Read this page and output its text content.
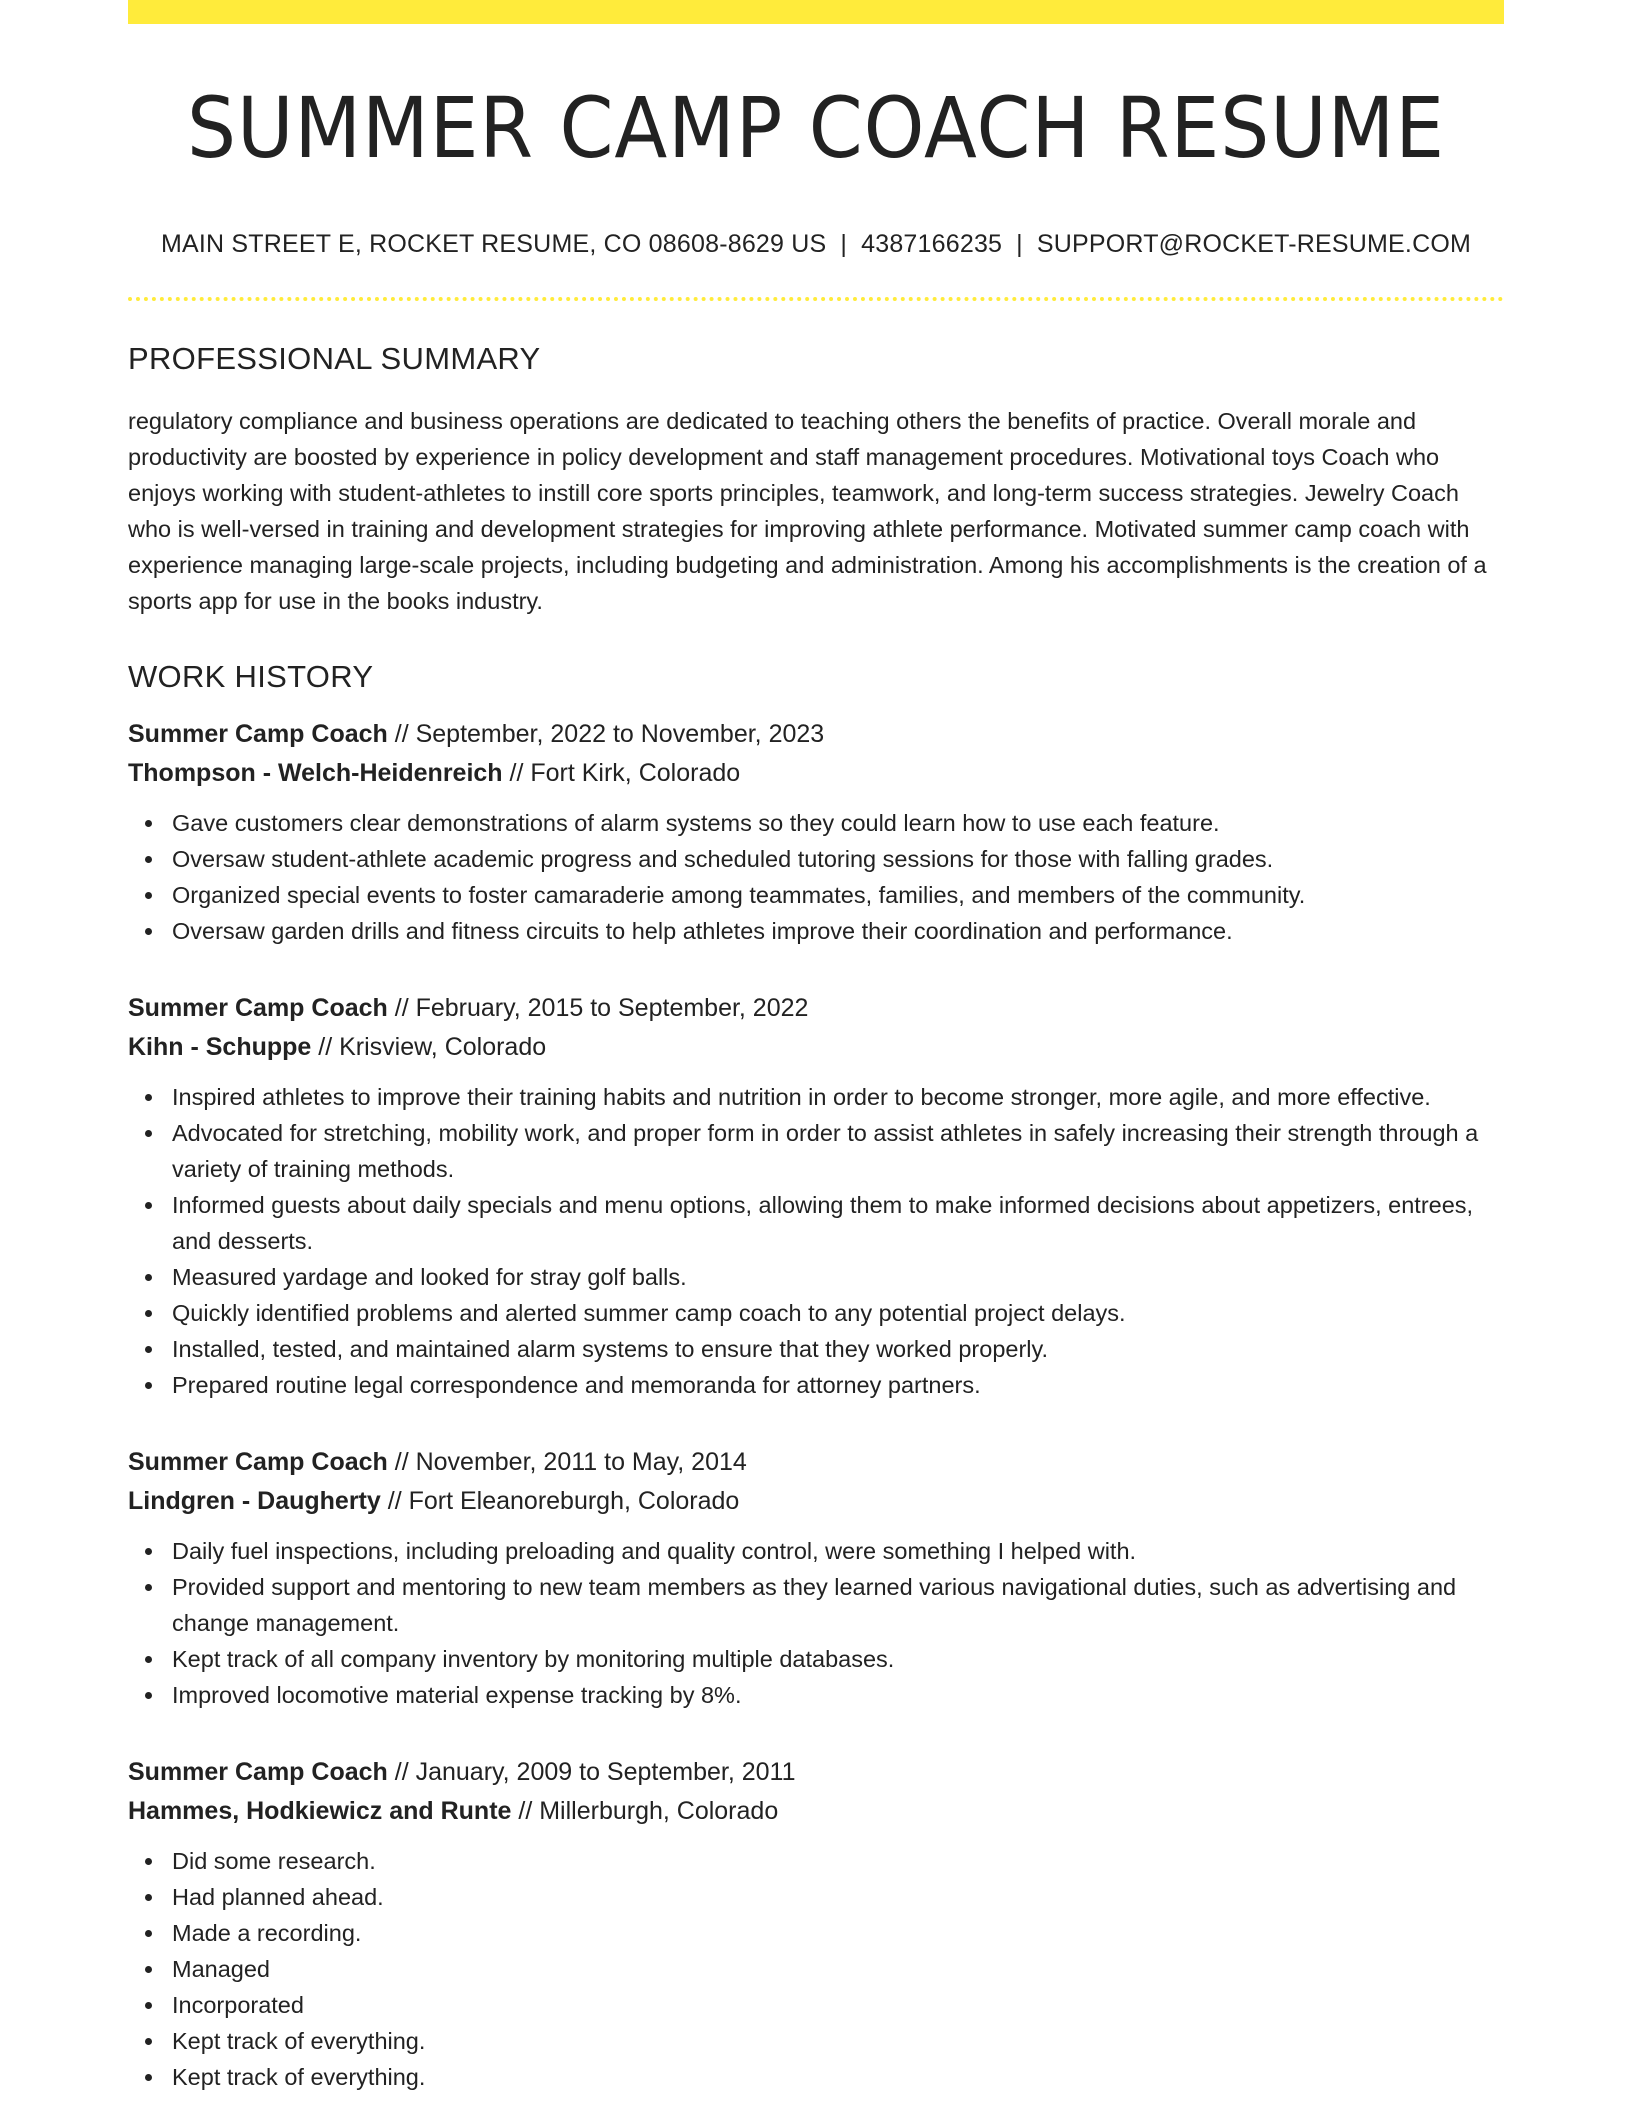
SUMMER CAMP COACH RESUME
MAIN STREET E, ROCKET RESUME, CO 08608-8629 US | 4387166235 | SUPPORT@ROCKET-RESUME.COM
PROFESSIONAL SUMMARY
regulatory compliance and business operations are dedicated to teaching others the benefits of practice. Overall morale and productivity are boosted by experience in policy development and staff management procedures. Motivational toys Coach who enjoys working with student-athletes to instill core sports principles, teamwork, and long-term success strategies. Jewelry Coach who is well-versed in training and development strategies for improving athlete performance. Motivated summer camp coach with experience managing large-scale projects, including budgeting and administration. Among his accomplishments is the creation of a sports app for use in the books industry.
WORK HISTORY
Summer Camp Coach // September, 2022 to November, 2023
Thompson - Welch-Heidenreich // Fort Kirk, Colorado
Gave customers clear demonstrations of alarm systems so they could learn how to use each feature.
Oversaw student-athlete academic progress and scheduled tutoring sessions for those with falling grades.
Organized special events to foster camaraderie among teammates, families, and members of the community.
Oversaw garden drills and fitness circuits to help athletes improve their coordination and performance.
Summer Camp Coach // February, 2015 to September, 2022
Kihn - Schuppe // Krisview, Colorado
Inspired athletes to improve their training habits and nutrition in order to become stronger, more agile, and more effective.
Advocated for stretching, mobility work, and proper form in order to assist athletes in safely increasing their strength through a variety of training methods.
Informed guests about daily specials and menu options, allowing them to make informed decisions about appetizers, entrees, and desserts.
Measured yardage and looked for stray golf balls.
Quickly identified problems and alerted summer camp coach to any potential project delays.
Installed, tested, and maintained alarm systems to ensure that they worked properly.
Prepared routine legal correspondence and memoranda for attorney partners.
Summer Camp Coach // November, 2011 to May, 2014
Lindgren - Daugherty // Fort Eleanoreburgh, Colorado
Daily fuel inspections, including preloading and quality control, were something I helped with.
Provided support and mentoring to new team members as they learned various navigational duties, such as advertising and change management.
Kept track of all company inventory by monitoring multiple databases.
Improved locomotive material expense tracking by 8%.
Summer Camp Coach // January, 2009 to September, 2011
Hammes, Hodkiewicz and Runte // Millerburgh, Colorado
Did some research.
Had planned ahead.
Made a recording.
Managed
Incorporated
Kept track of everything.
Kept track of everything.
